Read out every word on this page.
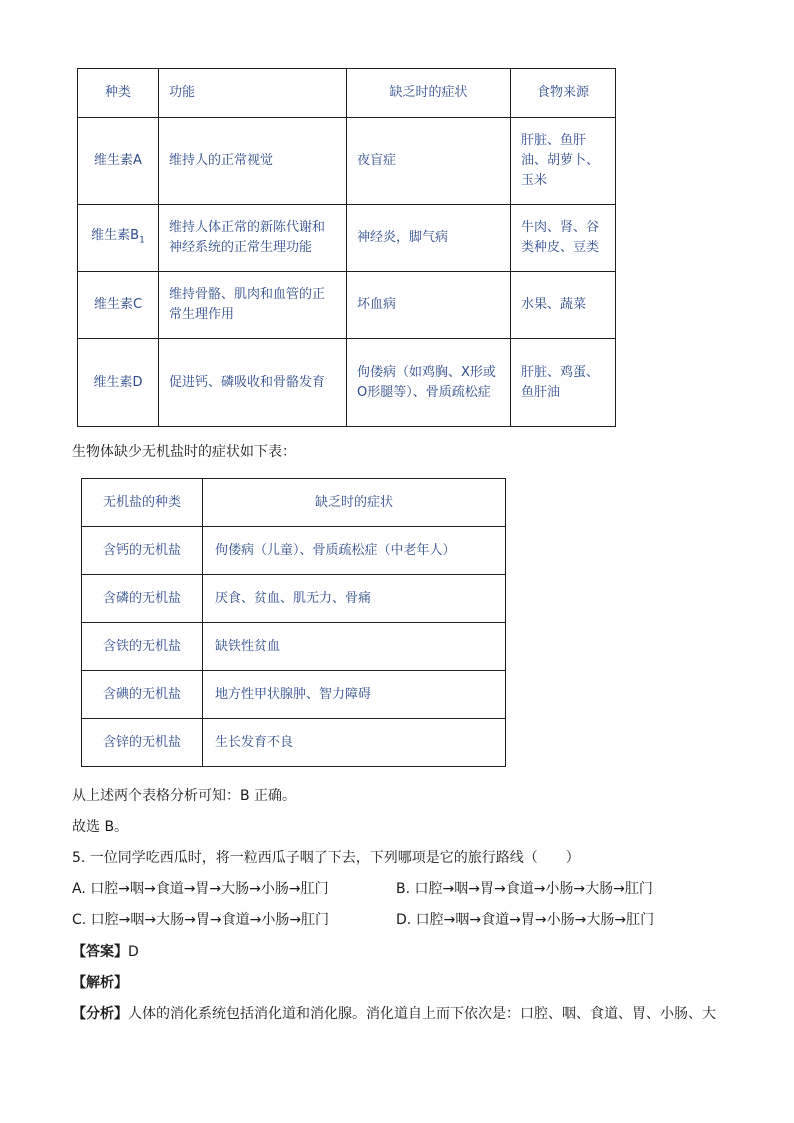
种类	功能	缺乏时的症状	食物来源
维生素A	维持人的正常视觉	夜盲症	肝脏、鱼肝油、胡萝卜、玉米
维生素$B_1$	维持人体正常的新陈代谢和神经系统的正常生理功能	神经炎，脚气病	牛肉、肾、谷类种皮、豆类
维生素C	维持骨骼、肌肉和血管的正常生理作用	坏血病	水果、蔬菜
维生素D	促进钙、磷吸收和骨骼发育	佝偻病（如鸡胸、X形或O形腿等）、骨质疏松症	肝脏、鸡蛋、鱼肝油
生物体缺少无机盐时的症状如下表：
无机盐的种类	缺乏时的症状
含钙的无机盐	佝偻病（儿童）、骨质疏松症（中老年人）
含磷的无机盐	厌食、贫血、肌无力、骨痛
含铁的无机盐	缺铁性贫血
含碘的无机盐	地方性甲状腺肿、智力障碍
含锌的无机盐	生长发育不良
从上述两个表格分析可知：B 正确。
故选 B。
5. 一位同学吃西瓜时，将一粒西瓜子咽了下去，下列哪项是它的旅行路线（　　）
A. 口腔→咽→食道→胃→大肠→小肠→肛门	B. 口腔→咽→胃→食道→小肠→大肠→肛门
C. 口腔→咽→大肠→胃→食道→小肠→肛门	D. 口腔→咽→食道→胃→小肠→大肠→肛门
【答案】D
【解析】
【分析】人体的消化系统包括消化道和消化腺。消化道自上而下依次是：口腔、咽、食道、胃、小肠、大
